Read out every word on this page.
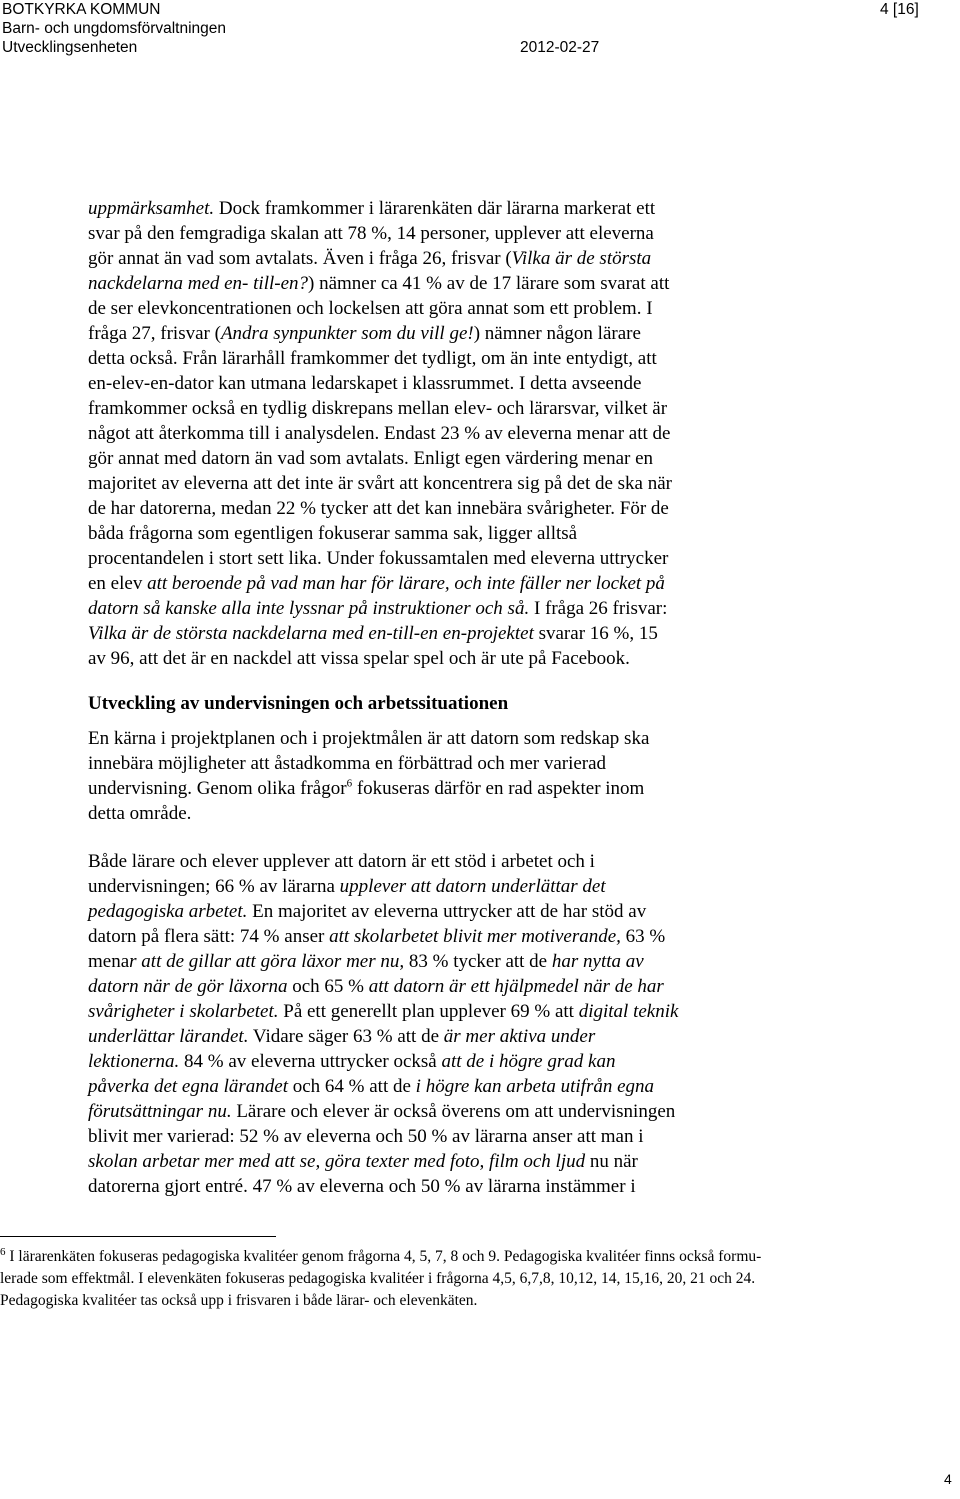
BOTKYRKA KOMMUN
Barn- och ungdomsförvaltningen
Utvecklingsenheten	2012-02-27
4 [16]
uppmärksamhet. Dock framkommer i lärarenkäten där lärarna markerat ett
svar på den femgradiga skalan att 78 %, 14 personer, upplever att eleverna
gör annat än vad som avtalats. Även i fråga 26, frisvar (Vilka är de största
nackdelarna med en- till-en?) nämner ca 41 % av de 17 lärare som svarat att
de ser elevkoncentrationen och lockelsen att göra annat som ett problem. I
fråga 27, frisvar (Andra synpunkter som du vill ge!) nämner någon lärare
detta också. Från lärarhåll framkommer det tydligt, om än inte entydigt, att
en-elev-en-dator kan utmana ledarskapet i klassrummet. I detta avseende
framkommer också en tydlig diskrepans mellan elev- och lärarsvar, vilket är
något att återkomma till i analysdelen. Endast 23 % av eleverna menar att de
gör annat med datorn än vad som avtalats. Enligt egen värdering menar en
majoritet av eleverna att det inte är svårt att koncentrera sig på det de ska när
de har datorerna, medan 22 % tycker att det kan innebära svårigheter. För de
båda frågorna som egentligen fokuserar samma sak, ligger alltså
procentandelen i stort sett lika. Under fokussamtalen med eleverna uttrycker
en elev att beroende på vad man har för lärare, och inte fäller ner locket på
datorn så kanske alla inte lyssnar på instruktioner och så. I fråga 26 frisvar:
Vilka är de största nackdelarna med en-till-en en-projektet svarar 16 %, 15
av 96, att det är en nackdel att vissa spelar spel och är ute på Facebook.
Utveckling av undervisningen och arbetssituationen
En kärna i projektplanen och i projektmålen är att datorn som redskap ska
innebära möjligheter att åstadkomma en förbättrad och mer varierad
undervisning. Genom olika frågor$^6$ fokuseras därför en rad aspekter inom
detta område.
Både lärare och elever upplever att datorn är ett stöd i arbetet och i
undervisningen; 66 % av lärarna upplever att datorn underlättar det
pedagogiska arbetet. En majoritet av eleverna uttrycker att de har stöd av
datorn på flera sätt: 74 % anser att skolarbetet blivit mer motiverande, 63 %
menar att de gillar att göra läxor mer nu, 83 % tycker att de har nytta av
datorn när de gör läxorna och 65 % att datorn är ett hjälpmedel när de har
svårigheter i skolarbetet. På ett generellt plan upplever 69 % att digital teknik
underlättar lärandet. Vidare säger 63 % att de är mer aktiva under
lektionerna. 84 % av eleverna uttrycker också att de i högre grad kan
påverka det egna lärandet och 64 % att de i högre kan arbeta utifrån egna
förutsättningar nu. Lärare och elever är också överens om att undervisningen
blivit mer varierad: 52 % av eleverna och 50 % av lärarna anser att man i
skolan arbetar mer med att se, göra texter med foto, film och ljud nu när
datorerna gjort entré. 47 % av eleverna och 50 % av lärarna instämmer i
$^6$ I lärarenkäten fokuseras pedagogiska kvalitéer genom frågorna 4, 5, 7, 8 och 9. Pedagogiska kvalitéer finns också formu-
lerade som effektmål. I elevenkäten fokuseras pedagogiska kvalitéer i frågorna 4,5, 6,7,8, 10,12, 14, 15,16, 20, 21 och 24.
Pedagogiska kvalitéer tas också upp i frisvaren i både lärar- och elevenkäten.
4
